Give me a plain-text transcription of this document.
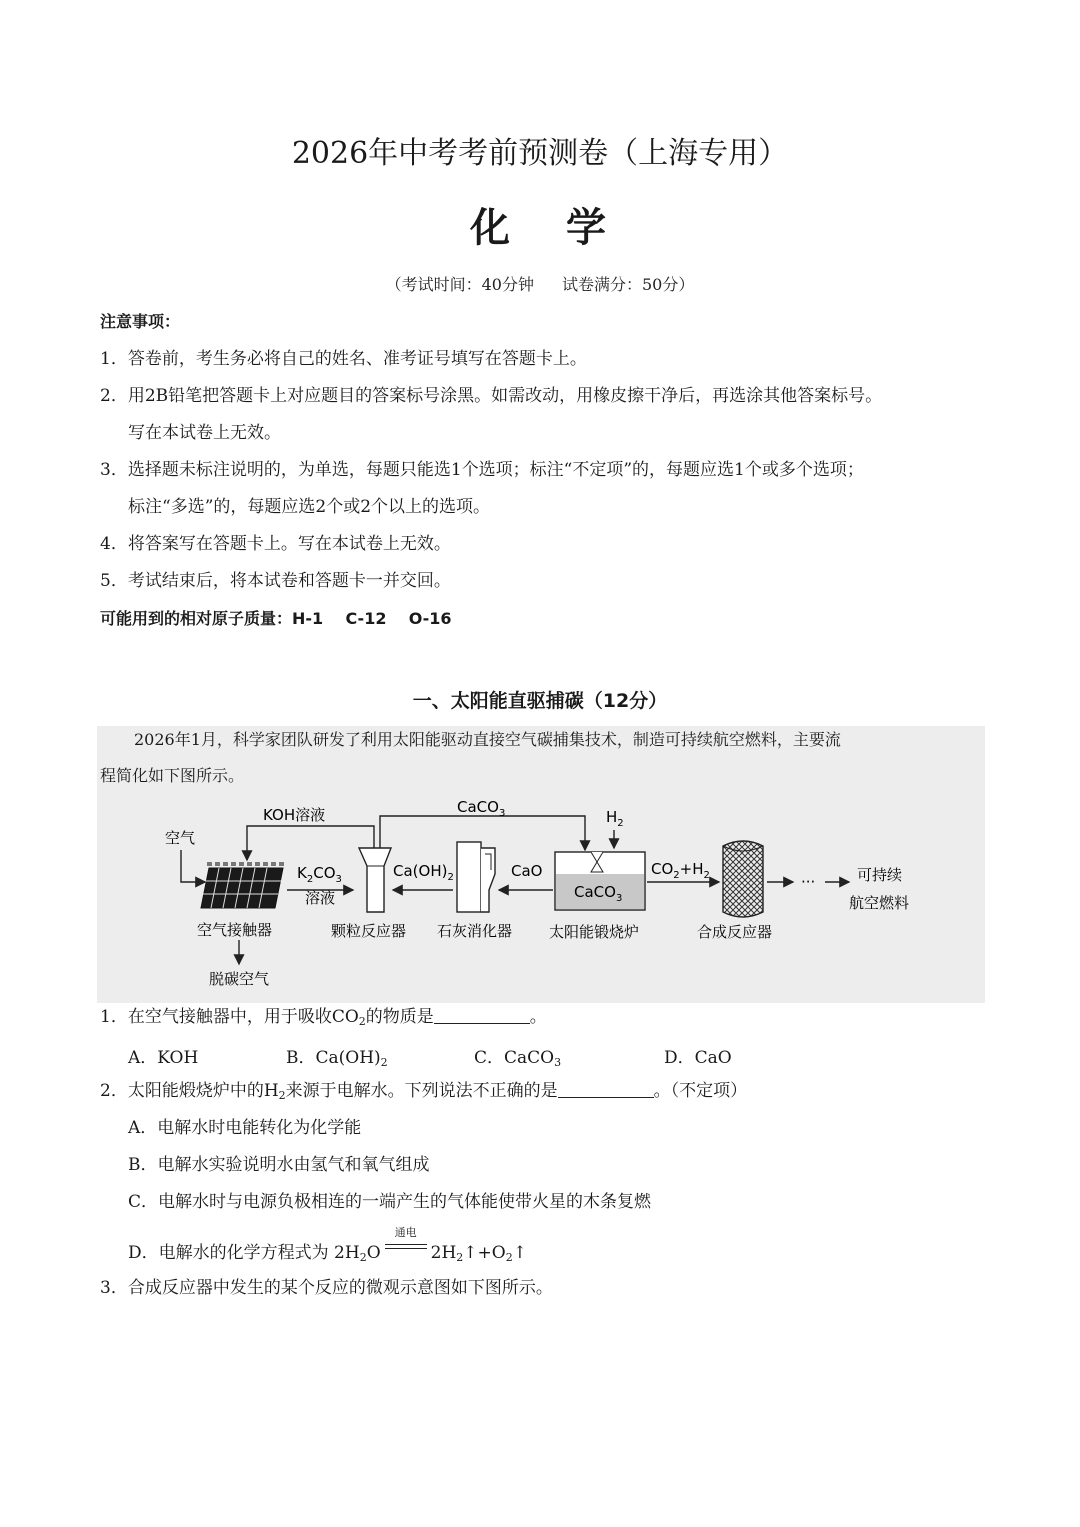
2026年中考考前预测卷（上海专用）
化 学
（考试时间：40分钟 试卷满分：50分）
注意事项：
1．答卷前，考生务必将自己的姓名、准考证号填写在答题卡上。
2．用2B铅笔把答题卡上对应题目的答案标号涂黑。如需改动，用橡皮擦干净后，再选涂其他答案标号。
写在本试卷上无效。
3．选择题未标注说明的，为单选，每题只能选1个选项；标注“不定项”的，每题应选1个或多个选项；
标注“多选”的，每题应选2个或2个以上的选项。
4．将答案写在答题卡上。写在本试卷上无效。
5．考试结束后，将本试卷和答题卡一并交回。
可能用到的相对原子质量：H-1    C-12    O-16
一、太阳能直驱捕碳（12分）
2026年1月，科学家团队研发了利用太阳能驱动直接空气碳捕集技术，制造可持续航空燃料，主要流
程简化如下图所示。
空气
空气接触器
脱碳空气
KOH溶液
$K_2CO_3$
溶液
颗粒反应器
CaCO$_3$
$Ca(OH)_2$
石灰消化器
CaO
$H_2$
CaCO$_3$
太阳能锻烧炉
$CO_2+H_2$
合成反应器
···	可持续
航空燃料
1．在空气接触器中，用于吸收$CO_2$的物质是	。
A．KOH	B．$Ca(OH)_2$	C．CaCO$_3$	D．CaO
2．太阳能煅烧炉中的$H_2$来源于电解水。下列说法不正确的是	。（不定项）
A．电解水时电能转化为化学能
B．电解水实验说明水由氢气和氧气组成
C．电解水时与电源负极相连的一端产生的气体能使带火星的木条复燃
D．电解水的化学方程式为 $2H_2O$
通电
$2H_2↑+O_2↑$
3．合成反应器中发生的某个反应的微观示意图如下图所示。
